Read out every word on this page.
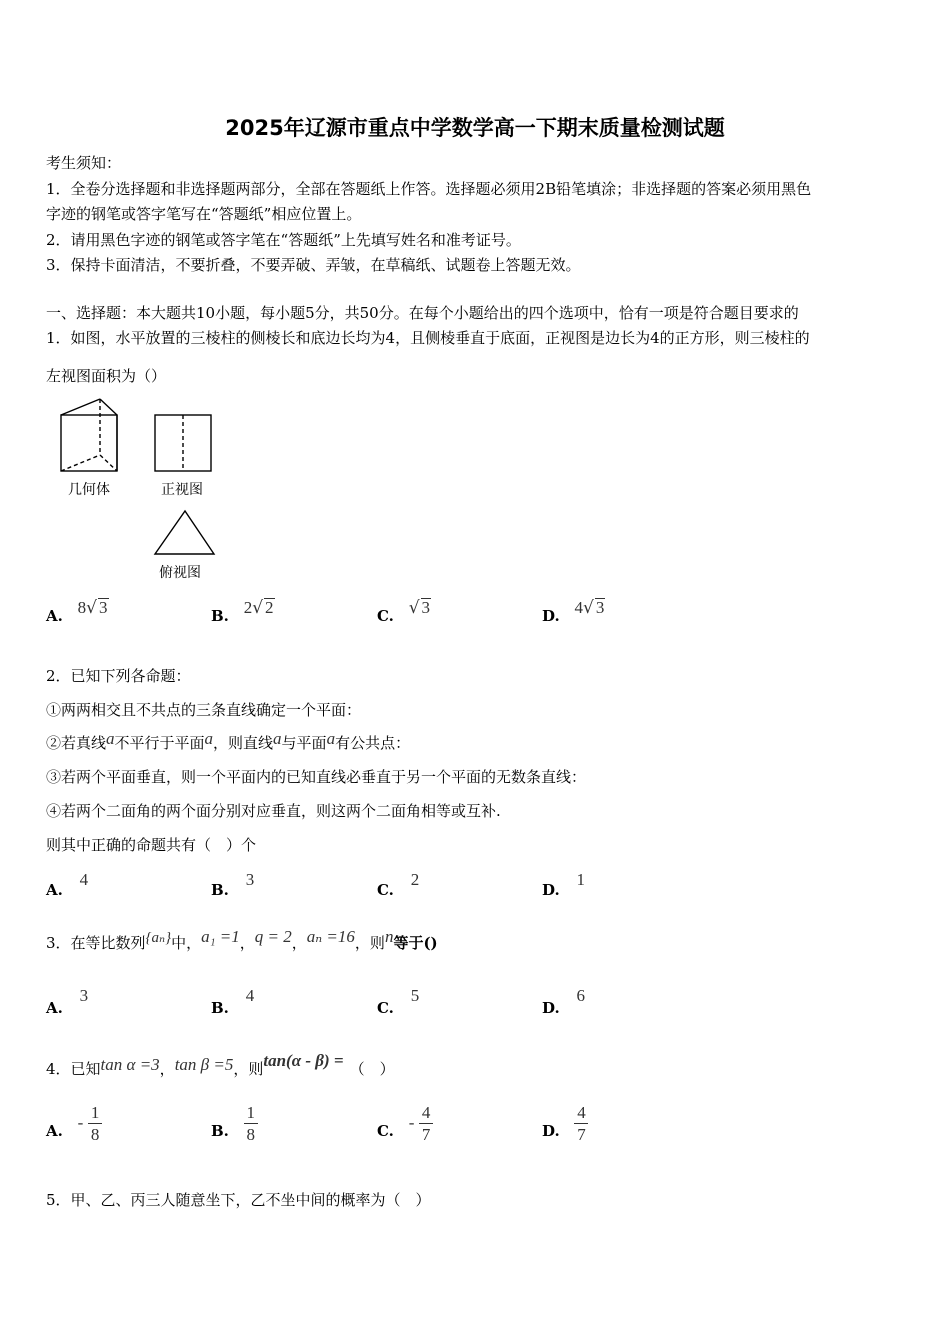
2025年辽源市重点中学数学高一下期末质量检测试题
考生须知：
1．全卷分选择题和非选择题两部分，全部在答题纸上作答。选择题必须用2B铅笔填涂；非选择题的答案必须用黑色
字迹的钢笔或答字笔写在“答题纸”相应位置上。
2．请用黑色字迹的钢笔或答字笔在“答题纸”上先填写姓名和准考证号。
3．保持卡面清洁，不要折叠，不要弄破、弄皱，在草稿纸、试题卷上答题无效。
一、选择题：本大题共10小题，每小题5分，共50分。在每个小题给出的四个选项中，恰有一项是符合题目要求的
1．如图，水平放置的三棱柱的侧棱长和底边长均为4，且侧棱垂直于底面，正视图是边长为4的正方形，则三棱柱的
左视图面积为（）
几何体	正视图
俯视图
A. 8√ 3	B. 2√ 2	C. √ 3	D. 4√ 3
2．已知下列各命题：
①两两相交且不共点的三条直线确定一个平面：
②若真线a不平行于平面a，则直线a与平面a有公共点：
③若两个平面垂直，则一个平面内的已知直线必垂直于另一个平面的无数条直线：
④若两个二面角的两个面分别对应垂直，则这两个二面角相等或互补.
则其中正确的命题共有（　）个
A. 4
B. 3
C. 2
D. 1
3．在等比数列{aₙ}中，a₁ =1，q = 2，aₙ =16，则n等于()
A. 3
B. 4
C. 5
D. 6
4．已知tan α =3，tan β =5，则tan(α - β) = （　）
A. - $\frac{1}{8}$	B. $\frac{1}{8}$	C. - $\frac{4}{7}$	D. $\frac{4}{7}$
5．甲、乙、丙三人随意坐下，乙不坐中间的概率为（　）
